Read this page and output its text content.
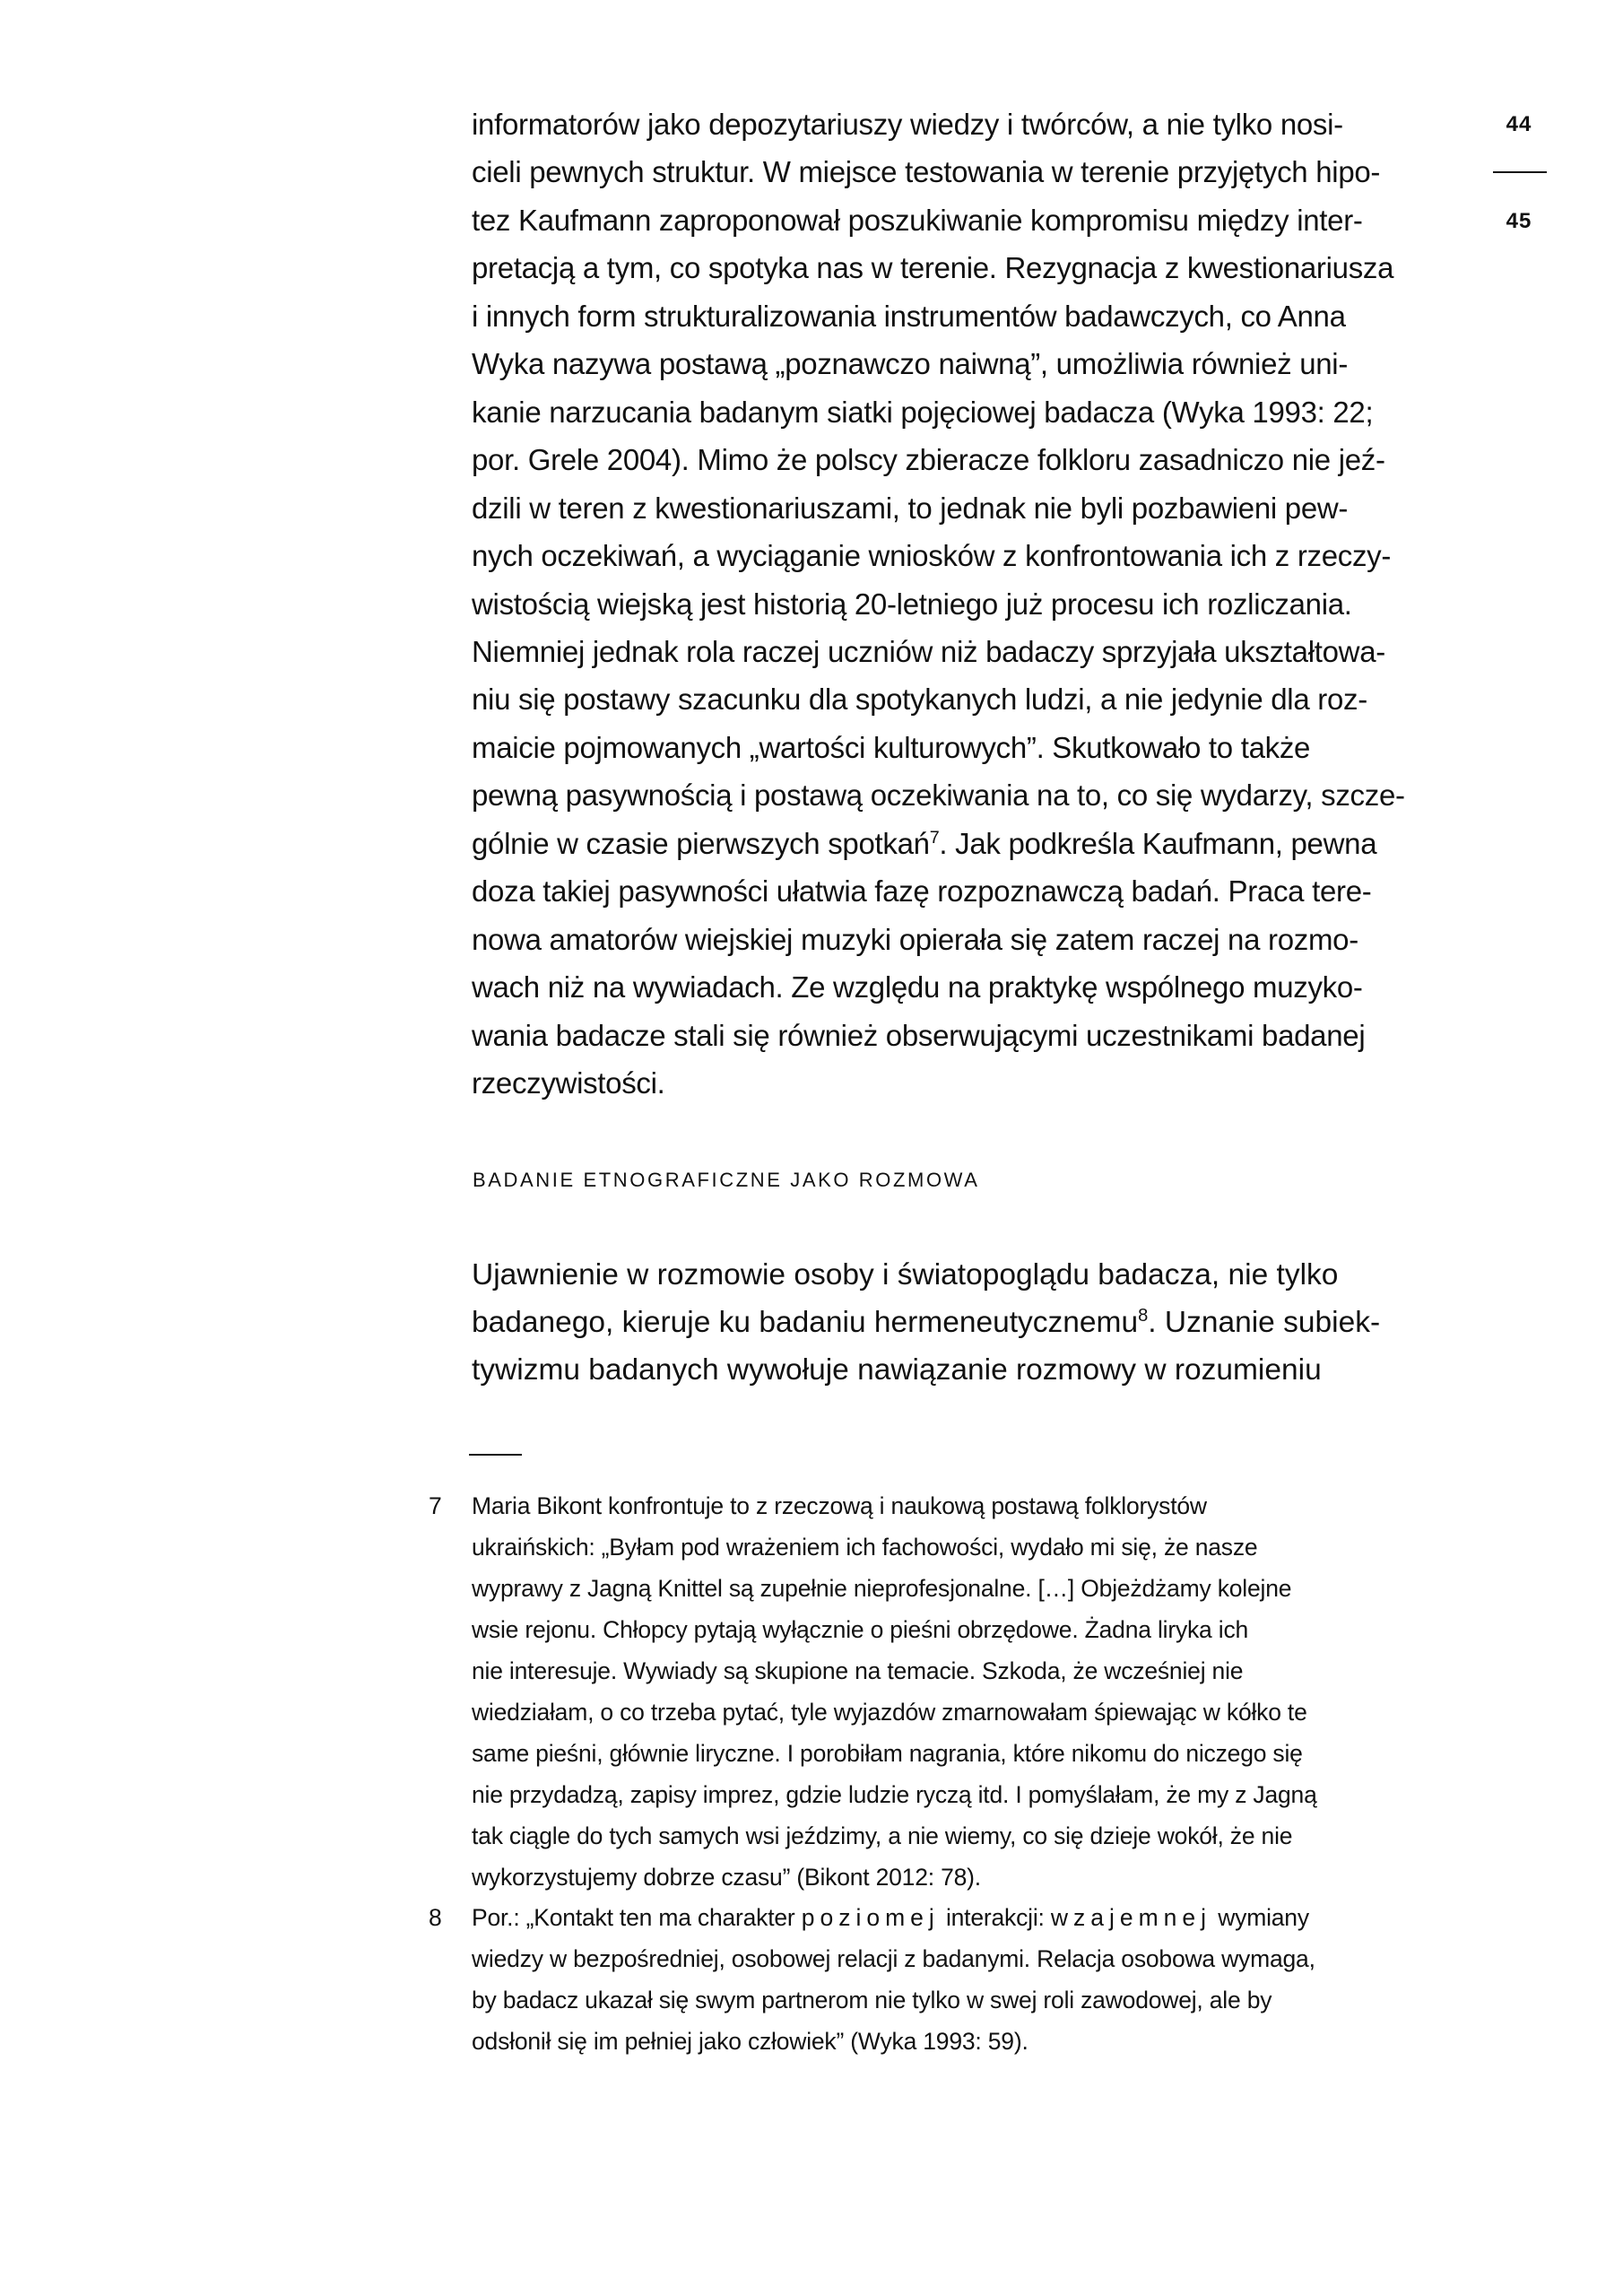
44
45
informatorów jako depozytariuszy wiedzy i twórców, a nie tylko nosi-
cieli pewnych struktur. W miejsce testowania w terenie przyjętych hipo-
tez Kaufmann zaproponował poszukiwanie kompromisu między inter-
pretacją a tym, co spotyka nas w terenie. Rezygnacja z kwestionariusza
i innych form strukturalizowania instrumentów badawczych, co Anna
Wyka nazywa postawą „poznawczo naiwną”, umożliwia również uni-
kanie narzucania badanym siatki pojęciowej badacza (Wyka 1993: 22;
por. Grele 2004). Mimo że polscy zbieracze folkloru zasadniczo nie jeź-
dzili w teren z kwestionariuszami, to jednak nie byli pozbawieni pew-
nych oczekiwań, a wyciąganie wniosków z konfrontowania ich z rzeczy-
wistością wiejską jest historią 20-letniego już procesu ich rozliczania.
Niemniej jednak rola raczej uczniów niż badaczy sprzyjała ukształtowa-
niu się postawy szacunku dla spotykanych ludzi, a nie jedynie dla roz-
maicie pojmowanych „wartości kulturowych”. Skutkowało to także
pewną pasywnością i postawą oczekiwania na to, co się wydarzy, szcze-
gólnie w czasie pierwszych spotkań$^7$. Jak podkreśla Kaufmann, pewna
doza takiej pasywności ułatwia fazę rozpoznawczą badań. Praca tere-
nowa amatorów wiejskiej muzyki opierała się zatem raczej na rozmo-
wach niż na wywiadach. Ze względu na praktykę wspólnego muzyko-
wania badacze stali się również obserwującymi uczestnikami badanej
rzeczywistości.
BADANIE ETNOGRAFICZNE JAKO ROZMOWA
Ujawnienie w rozmowie osoby i światopoglądu badacza, nie tylko
badanego, kieruje ku badaniu hermeneutycznemu$^8$. Uznanie subiek-
tywizmu badanych wywołuje nawiązanie rozmowy w rozumieniu
7 Maria Bikont konfrontuje to z rzeczową i naukową postawą folklorystów
ukraińskich: „Byłam pod wrażeniem ich fachowości, wydało mi się, że nasze
wyprawy z Jagną Knittel są zupełnie nieprofesjonalne. […] Objeżdżamy kolejne
wsie rejonu. Chłopcy pytają wyłącznie o pieśni obrzędowe. Żadna liryka ich
nie interesuje. Wywiady są skupione na temacie. Szkoda, że wcześniej nie
wiedziałam, o co trzeba pytać, tyle wyjazdów zmarnowałam śpiewając w kółko te
same pieśni, głównie liryczne. I porobiłam nagrania, które nikomu do niczego się
nie przydadzą, zapisy imprez, gdzie ludzie ryczą itd. I pomyślałam, że my z Jagną
tak ciągle do tych samych wsi jeździmy, a nie wiemy, co się dzieje wokół, że nie
wykorzystujemy dobrze czasu” (Bikont 2012: 78).
8 Por.: „Kontakt ten ma charakter poziomej interakcji: wzajemnej wymiany
wiedzy w bezpośredniej, osobowej relacji z badanymi. Relacja osobowa wymaga,
by badacz ukazał się swym partnerom nie tylko w swej roli zawodowej, ale by
odsłonił się im pełniej jako człowiek” (Wyka 1993: 59).
